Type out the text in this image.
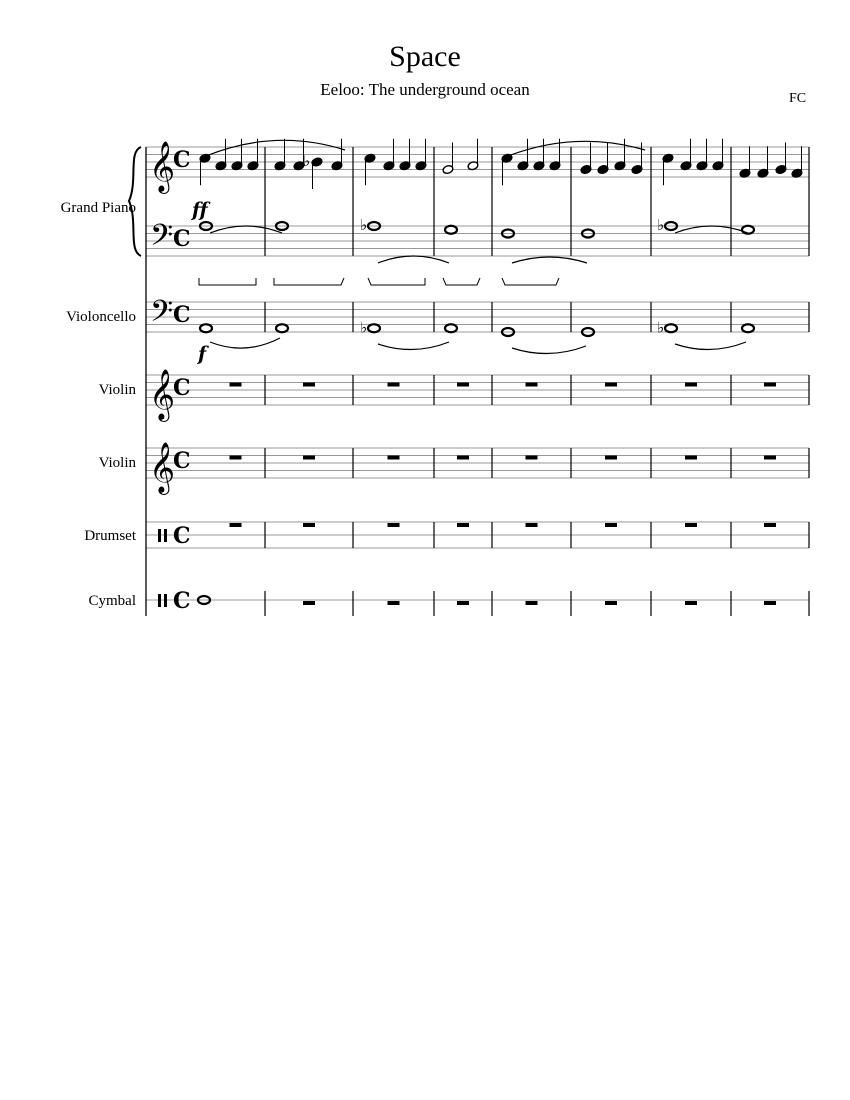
Space
Eeloo: The underground ocean	FC
Grand Piano
Violoncello
Violin
Violin
Drumset
Cymbal
𝄞
C
𝄢 C
𝄢 C
𝄞
C
𝄞
C
C
C
♭
♭	♭
♭	♭
ff
f
